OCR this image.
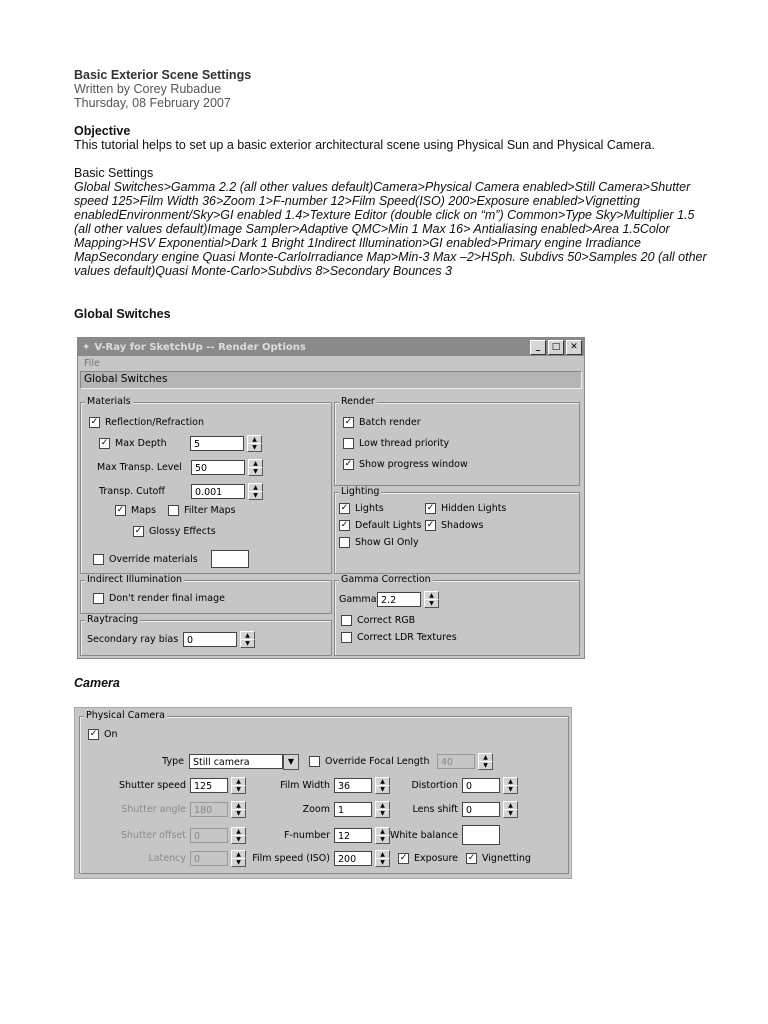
Basic Exterior Scene Settings
Written by Corey Rubadue
Thursday, 08 February 2007
Objective
This tutorial helps to set up a basic exterior architectural scene using Physical Sun and Physical Camera.
Basic Settings
Global Switches>Gamma 2.2 (all other values default)Camera>Physical Camera enabled>Still Camera>Shutter speed 125>Film Width 36>Zoom 1>F-number 12>Film Speed(ISO) 200>Exposure enabled>Vignetting enabledEnvironment/Sky>GI enabled 1.4>Texture Editor (double click on “m”) Common>Type Sky>Multiplier 1.5 (all other values default)Image Sampler>Adaptive QMC>Min 1 Max 16> Antialiasing enabled>Area 1.5Color Mapping>HSV Exponential>Dark 1 Bright 1Indirect Illumination>GI enabled>Primary engine Irradiance MapSecondary engine Quasi Monte-CarloIrradiance Map>Min-3 Max –2>HSph. Subdivs 50>Samples 20 (all other values default)Quasi Monte-Carlo>Subdivs 8>Secondary Bounces 3
Global Switches
✦ V-Ray for SketchUp -- Render Options	_	□	✕
File
Global Switches
Materials
✓ Reflection/Refraction
✓ Max Depth	5	▲
▼
Max Transp. Level	50	▲
▼
Transp. Cutoff	0.001	▲
▼
✓ Maps	Filter Maps
✓ Glossy Effects
Override materials
Render
✓ Batch render
Low thread priority
✓ Show progress window
Lighting
✓ Lights	✓ Hidden Lights
✓ Default Lights ✓ Shadows
Show GI Only
Indirect Illumination
Don't render final image
Gamma Correction
Gamma 2.2	▲
▼
Correct RGB
Correct LDR Textures
Raytracing
Secondary ray bias 0	▲
▼
Camera
Physical Camera
✓ On
Type Still camera	▼	Override Focal Length	40	▲
▼
Shutter speed 125	▲
▼	Film Width 36	▲
▼	Distortion 0	▲
▼
Shutter angle 180	▲
▼	Zoom 1	▲
▼	Lens shift 0	▲
▼
Shutter offset 0	▲
▼	F-number 12	▲
▼ White balance
Latency 0	▲
▼	Film speed (ISO) 200	▲
▼	✓ Exposure ✓ Vignetting
